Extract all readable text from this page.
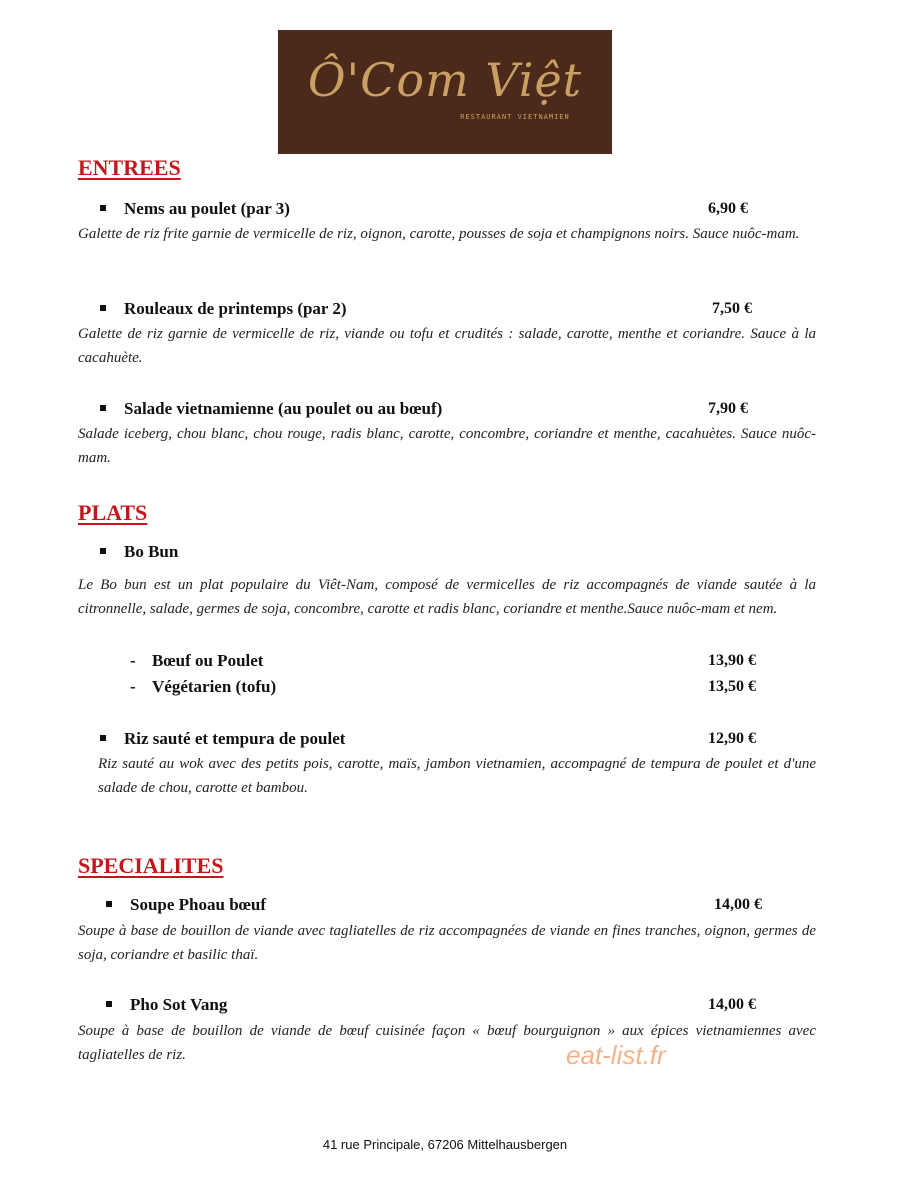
Ô'Com Việt
RESTAURANT VIETNAMIEN
ENTREES
Nems au poulet (par 3)	6,90 €
Galette de riz frite garnie de vermicelle de riz, oignon, carotte, pousses de soja et champignons noirs. Sauce nuôc-mam.
Rouleaux de printemps (par 2)	7,50 €
Galette de riz garnie de vermicelle de riz, viande ou tofu et crudités : salade, carotte, menthe et coriandre. Sauce à la cacahuète.
Salade vietnamienne (au poulet ou au bœuf)	7,90 €
Salade iceberg, chou blanc, chou rouge, radis blanc, carotte, concombre, coriandre et menthe, cacahuètes. Sauce nuôc-mam.
PLATS
Bo Bun
Le Bo bun est un plat populaire du Viêt-Nam, composé de vermicelles de riz accompagnés de viande sautée à la citronnelle, salade, germes de soja, concombre, carotte et radis blanc, coriandre et menthe.Sauce nuôc-mam et nem.
- Bœuf ou Poulet	13,90 €
- Végétarien (tofu)	13,50 €
Riz sauté et tempura de poulet	12,90 €
Riz sauté au wok avec des petits pois, carotte, maïs, jambon vietnamien, accompagné de tempura de poulet et d'une salade de chou, carotte et bambou.
SPECIALITES
Soupe Phoau bœuf	14,00 €
Soupe à base de bouillon de viande avec tagliatelles de riz accompagnées de viande en fines tranches, oignon, germes de soja, coriandre et basilic thaï.
Pho Sot Vang	14,00 €
Soupe à base de bouillon de viande de bœuf cuisinée façon « bœuf bourguignon » aux épices vietnamiennes avec tagliatelles de riz.	eat-list.fr
41 rue Principale, 67206 Mittelhausbergen
